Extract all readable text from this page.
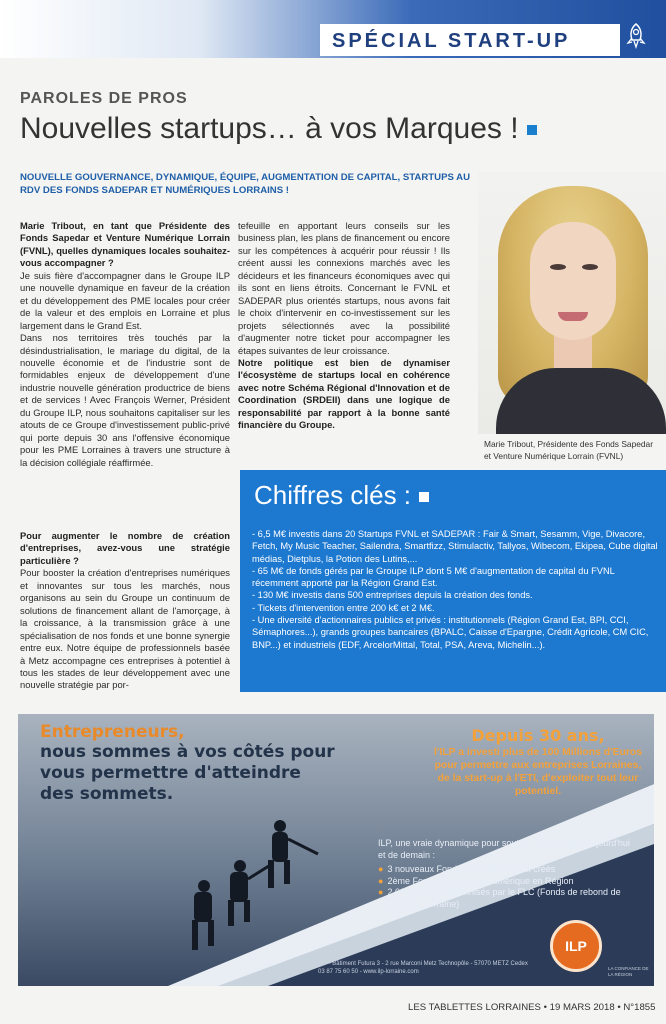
SPÉCIAL START-UP
PAROLES DE PROS
Nouvelles startups… à vos Marques !
NOUVELLE GOUVERNANCE, DYNAMIQUE, ÉQUIPE, AUGMENTATION DE CAPITAL, STARTUPS AU RDV DES FONDS SADEPAR ET NUMÉRIQUES LORRAINS !

Marie Tribout, en tant que Présidente des Fonds Sapedar et Venture Numérique Lorrain (FVNL), quelles dynamiques locales souhaitez-vous accompagner ?

Je suis fière d'accompagner dans le Groupe ILP une nouvelle dynamique en faveur de la création et du développement des PME locales pour créer de la valeur et des emplois en Lorraine et plus largement dans le Grand Est.

Dans nos territoires très touchés par la désindustrialisation, le mariage du digital, de la nouvelle économie et de l'industrie sont de formidables enjeux de développement d'une industrie nouvelle génération productrice de biens et de services ! Avec François Werner, Président du Groupe ILP, nous souhaitons capitaliser sur les atouts de ce Groupe d'investissement public-privé qui porte depuis 30 ans l'offensive économique pour les PME Lorraines à travers une structure à la décision collégiale réaffirmée.

Pour augmenter le nombre de création d'entreprises, avez-vous une stratégie particulière ?

Pour booster la création d'entreprises numériques et innovantes sur tous les marchés, nous organisons au sein du Groupe un continuum de solutions de financement allant de l'amorçage, à la croissance, à la transmission grâce à une spécialisation de nos fonds et une bonne synergie entre eux. Notre équipe de professionnels basée à Metz accompagne ces entreprises à potentiel à tous les stades de leur développement avec une nouvelle stratégie par por-

tefeuille en apportant leurs conseils sur les business plan, les plans de financement ou encore sur les compétences à acquérir pour réussir ! Ils créent aussi les connexions marchés avec les décideurs et les financeurs économiques avec qui ils sont en liens étroits. Concernant le FVNL et SADEPAR plus orientés startups, nous avons fait le choix d'intervenir en co-investissement sur les projets sélectionnés avec la possibilité d'augmenter notre ticket pour accompagner les étapes suivantes de leur croissance.

Notre politique est bien de dynamiser l'écosystème de startups local en cohérence avec notre Schéma Régional d'Innovation et de Coordination (SRDEII) dans une logique de responsabilité par rapport à la bonne santé financière du Groupe.

Marie Tribout, Présidente des Fonds Sapedar et Venture Numérique Lorrain (FVNL)
Chiffres clés :
- 6,5 M€ investis dans 20 Startups FVNL et SADEPAR : Fair & Smart, Sesamm, Vige, Divacore, Fetch, My Music Teacher, Sailendra, Smartfizz, Stimulactiv, Tallyos, Wibecom, Ekipea, Cube digital médias, Dietplus, la Potion des Lutins,...
- 65 M€ de fonds gérés par le Groupe ILP dont 5 M€ d'augmentation de capital du FVNL récemment apporté par la Région Grand Est.
- 130 M€ investis dans 500 entreprises depuis la création des fonds.
- Tickets d'intervention entre 200 k€ et 2 M€.
- Une diversité d'actionnaires publics et privés : institutionnels (Région Grand Est, BPI, CCI, Sémaphores...), grands groupes bancaires (BPALC, Caisse d'Epargne, Crédit Agricole, CM CIC, BNP...) et industriels (EDF, ArcelorMittal, Total, PSA, Areva, Michelin...).
Entrepreneurs,
nous sommes à vos côtés pour vous permettre d'atteindre des sommets.
Depuis 30 ans,
l'ILP a investi plus de 100 Millions d'Euros pour permettre aux entreprises Lorraines, de la start-up à l'ETI, d'exploiter tout leur potentiel.
ILP, une vraie dynamique pour soutenir les talents d'aujourd'hui et de demain :
● 3 nouveaux Fonds d'Investissement créés
● 2ème Fonds de Venture Numérique en Région
● 2 000 emplois pérennisés par le FLC (Fonds de rebond de l'économie Lorraine)
ILP
ILP - Bâtiment Futura 3 - 2 rue Marconi Metz Technopôle - 57070 METZ Cedex
03 87 75 60 50 - www.ilp-lorraine.com
LA CONFIANCE DE LA RÉGION
LES TABLETTES LORRAINES • 19 MARS 2018 • N°1855
